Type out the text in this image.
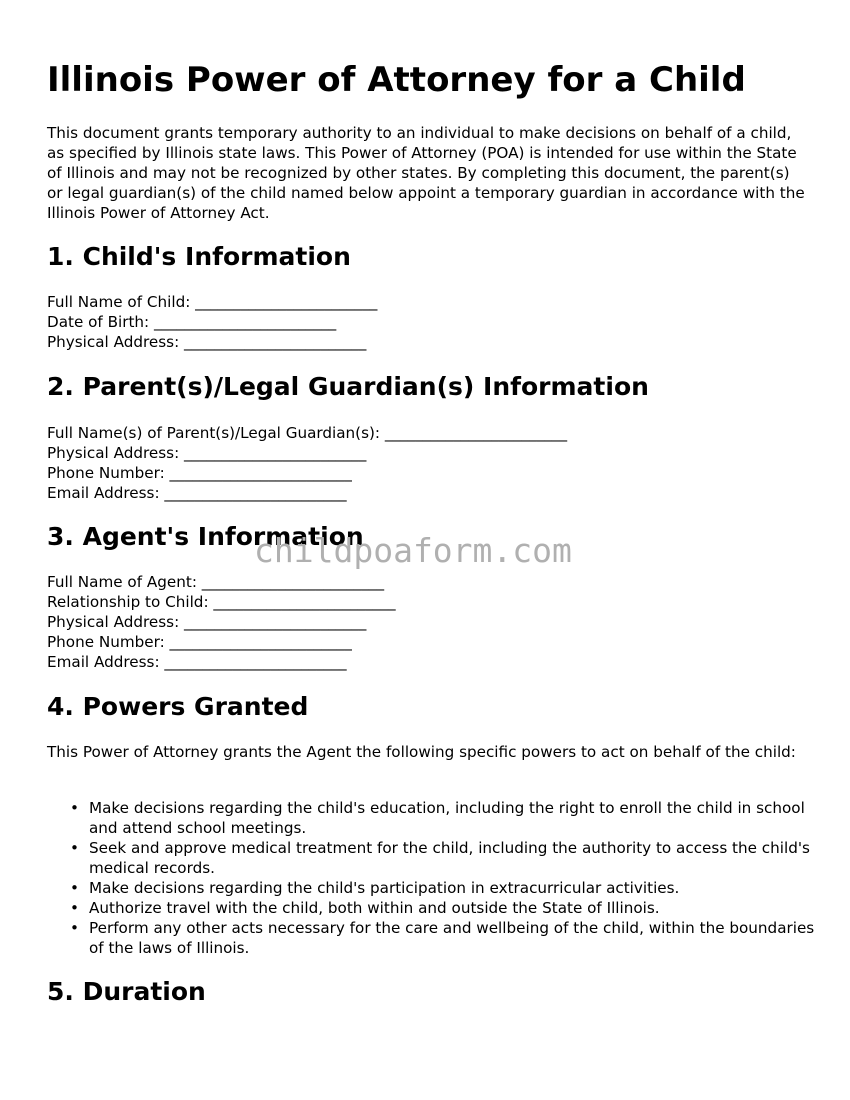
Illinois Power of Attorney for a Child

This document grants temporary authority to an individual to make decisions on behalf of a child, as specified by Illinois state laws. This Power of Attorney (POA) is intended for use within the State of Illinois and may not be recognized by other states. By completing this document, the parent(s) or legal guardian(s) of the child named below appoint a temporary guardian in accordance with the Illinois Power of Attorney Act.

1. Child's Information
Full Name of Child: ________________________
Date of Birth: ________________________
Physical Address: ________________________
2. Parent(s)/Legal Guardian(s) Information
Full Name(s) of Parent(s)/Legal Guardian(s): ________________________
Physical Address: ________________________
Phone Number: ________________________
Email Address: ________________________
3. Agent's Information
Full Name of Agent: ________________________
Relationship to Child: ________________________
Physical Address: ________________________
Phone Number: ________________________
Email Address: ________________________
4. Powers Granted

This Power of Attorney grants the Agent the following specific powers to act on behalf of the child:

• Make decisions regarding the child's education, including the right to enroll the child in school and attend school meetings.
• Seek and approve medical treatment for the child, including the authority to access the child's medical records.
• Make decisions regarding the child's participation in extracurricular activities.
• Authorize travel with the child, both within and outside the State of Illinois.
• Perform any other acts necessary for the care and wellbeing of the child, within the boundaries of the laws of Illinois.
5. Duration
childpoaform.com
